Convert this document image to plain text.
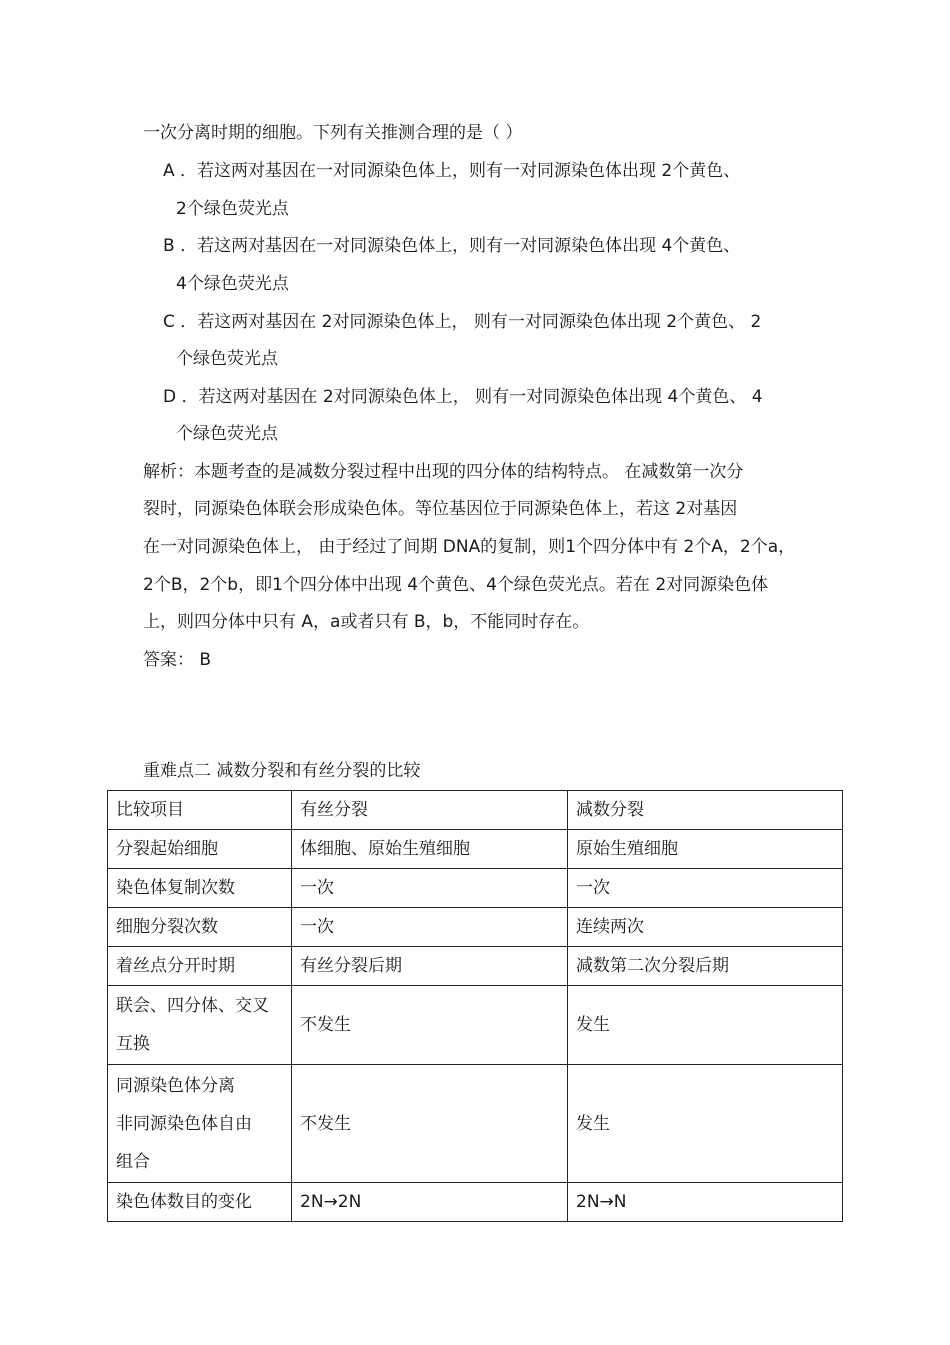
一次分离时期的细胞。下列有关推测合理的是（ ）
A ．若这两对基因在一对同源染色体上，则有一对同源染色体出现 2个黄色、
2个绿色荧光点
B ．若这两对基因在一对同源染色体上，则有一对同源染色体出现 4个黄色、
4个绿色荧光点
C ．若这两对基因在 2对同源染色体上， 则有一对同源染色体出现 2个黄色、 2
个绿色荧光点
D ．若这两对基因在 2对同源染色体上， 则有一对同源染色体出现 4个黄色、 4
个绿色荧光点
解析：本题考查的是减数分裂过程中出现的四分体的结构特点。 在减数第一次分
裂时，同源染色体联会形成染色体。等位基因位于同源染色体上，若这 2对基因
在一对同源染色体上， 由于经过了间期 DNA的复制，则1个四分体中有 2个A，2个a，
2个B，2个b，即1个四分体中出现 4个黄色、4个绿色荧光点。若在 2对同源染色体
上，则四分体中只有 A，a或者只有 B，b，不能同时存在。
答案： B
重难点二 减数分裂和有丝分裂的比较
比较项目	有丝分裂	减数分裂
分裂起始细胞	体细胞、原始生殖细胞	原始生殖细胞
染色体复制次数	一次	一次
细胞分裂次数	一次	连续两次
着丝点分开时期	有丝分裂后期	减数第二次分裂后期

联会、四分体、交叉
互换	不发生	发生

同源染色体分离
非同源染色体自由
组合	不发生	发生
染色体数目的变化	2N→2N	2N→N
